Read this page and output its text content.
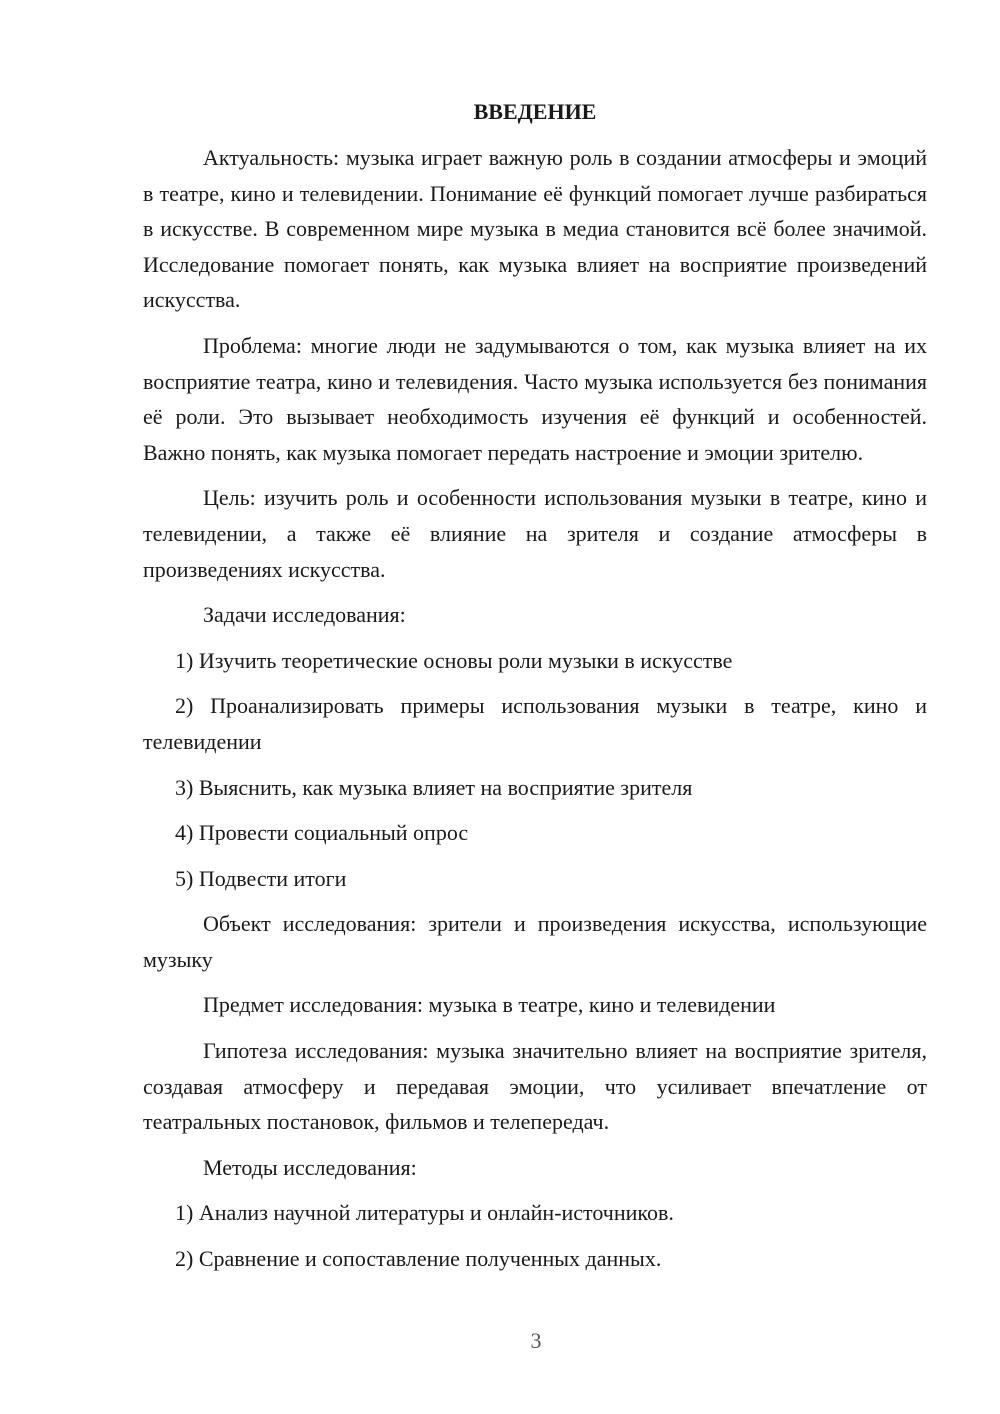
ВВЕДЕНИЕ

Актуальность: музыка играет важную роль в создании атмосферы и эмоций в театре, кино и телевидении. Понимание её функций помогает лучше разбираться в искусстве. В современном мире музыка в медиа становится всё более значимой. Исследование помогает понять, как музыка влияет на восприятие произведений искусства.

Проблема: многие люди не задумываются о том, как музыка влияет на их восприятие театра, кино и телевидения. Часто музыка используется без понимания её роли. Это вызывает необходимость изучения её функций и особенностей. Важно понять, как музыка помогает передать настроение и эмоции зрителю.

Цель: изучить роль и особенности использования музыки в театре, кино и телевидении, а также её влияние на зрителя и создание атмосферы в произведениях искусства.

Задачи исследования:

1) Изучить теоретические основы роли музыки в искусстве

2) Проанализировать примеры использования музыки в театре, кино и телевидении

3) Выяснить, как музыка влияет на восприятие зрителя

4) Провести социальный опрос

5) Подвести итоги

Объект исследования: зрители и произведения искусства, использующие музыку

Предмет исследования: музыка в театре, кино и телевидении

Гипотеза исследования: музыка значительно влияет на восприятие зрителя, создавая атмосферу и передавая эмоции, что усиливает впечатление от театральных постановок, фильмов и телепередач.

Методы исследования:

1) Анализ научной литературы и онлайн-источников.

2) Сравнение и сопоставление полученных данных.

3
